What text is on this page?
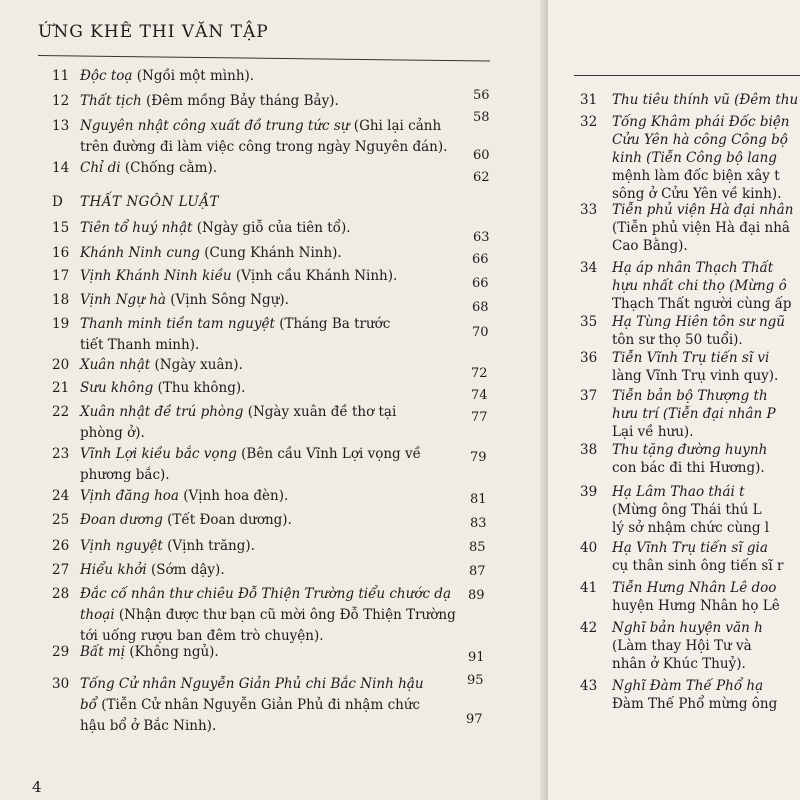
ỨNG KHÊ THI VĂN TẬP
11 Độc toạ (Ngồi một mình).
12 Thất tịch (Đêm mồng Bảy tháng Bảy).
13 Nguyên nhật công xuất đồ trung tức sự (Ghi lại cảnh
trên đường đi làm việc công trong ngày Nguyên đán).
14 Chỉ di (Chống cằm).
D	THẤT NGÔN LUẬT
15 Tiên tổ huý nhật (Ngày giỗ của tiên tổ).
16 Khánh Ninh cung (Cung Khánh Ninh).
17 Vịnh Khánh Ninh kiều (Vịnh cầu Khánh Ninh).
18 Vịnh Ngự hà (Vịnh Sông Ngự).
19 Thanh minh tiền tam nguyệt (Tháng Ba trước
tiết Thanh minh).
20 Xuân nhật (Ngày xuân).
21 Sưu không (Thu không).
22 Xuân nhật đề trú phòng (Ngày xuân đề thơ tại
phòng ở).
23 Vĩnh Lợi kiều bắc vọng (Bên cầu Vĩnh Lợi vọng về
phương bắc).
24 Vịnh đăng hoa (Vịnh hoa đèn).
25 Đoan dương (Tết Đoan dương).
26 Vịnh nguyệt (Vịnh trăng).
27 Hiểu khởi (Sớm dậy).
28 Đắc cố nhân thư chiêu Đỗ Thiện Trường tiểu chước dạ
thoại (Nhận được thư bạn cũ mời ông Đỗ Thiện Trường
tới uống rượu ban đêm trò chuyện).
29 Bất mị (Không ngủ).
30 Tống Cử nhân Nguyễn Giản Phủ chi Bắc Ninh hậu
bổ (Tiễn Cử nhân Nguyễn Giản Phủ đi nhậm chức
hậu bổ ở Bắc Ninh).
56
58
60
62
63
66
66
68
70
72
74
77
79
81
83
85
87
89
91
95
97
4
31 Thu tiêu thính vũ (Đêm thu
32 Tống Khâm phái Đốc biện
Cửu Yên hà công Công bộ
kinh (Tiễn Công bộ lang
mệnh làm đốc biện xây t
sông ở Cửu Yên về kinh).
33 Tiễn phủ viện Hà đại nhân
(Tiễn phủ viện Hà đại nhâ
Cao Bằng).
34 Hạ áp nhân Thạch Thất
hựu nhất chi thọ (Mừng ô
Thạch Thất người cùng ấp
35 Hạ Tùng Hiên tôn sư ngũ
tôn sư thọ 50 tuổi).
36 Tiễn Vĩnh Trụ tiến sĩ vi
làng Vĩnh Trụ vinh quy).
37 Tiễn bản bộ Thượng th
hưu trí (Tiễn đại nhân P
Lại về hưu).
38 Thu tặng đường huynh
con bác đi thi Hương).
39 Hạ Lâm Thao thái t
(Mừng ông Thái thú L
lý sở nhậm chức cùng l
40 Hạ Vĩnh Trụ tiến sĩ gia
cụ thân sinh ông tiến sĩ r
41 Tiễn Hưng Nhân Lê doo
huyện Hưng Nhân họ Lê
42 Nghĩ bản huyện văn h
(Làm thay Hội Tư và
nhân ở Khúc Thuỷ).
43 Nghĩ Đàm Thế Phổ hạ
Đàm Thế Phổ mừng ông
